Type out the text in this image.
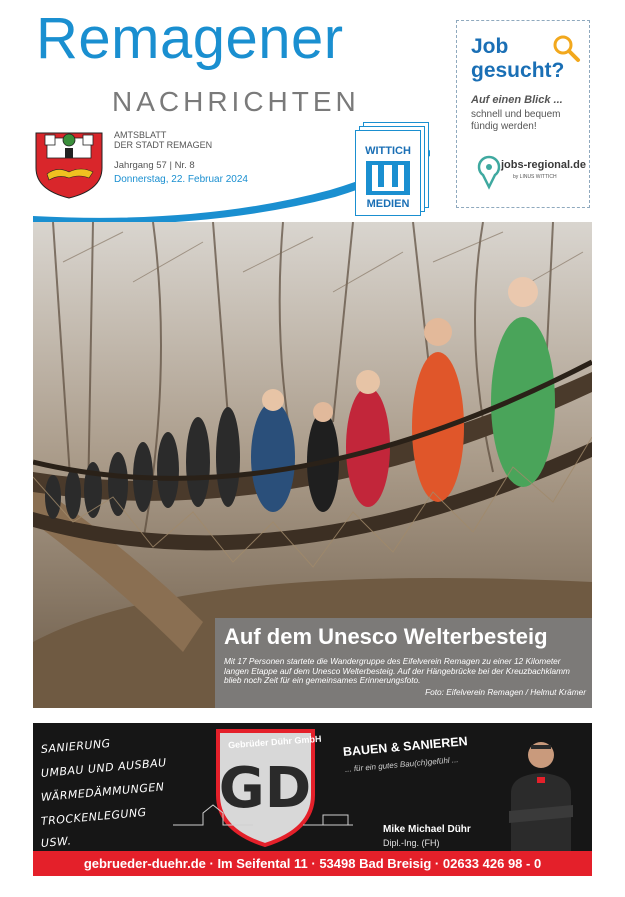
Remagener
NACHRICHTEN
AMTSBLATT
DER STADT REMAGEN
Jahrgang 57 | Nr. 8
Donnerstag, 22. Februar 2024
WITTICH
MEDIEN
Job
gesucht?
Auf einen Blick ...
schnell und bequem fündig werden!
jobs-regional.de
by LINUS WITTICH
Auf dem Unesco Welterbesteig
Mit 17 Personen startete die Wandergruppe des Eifelverein Remagen zu einer 12 Kilometer langen Etappe auf dem Unesco Welterbesteig. Auf der Hängebrücke bei der Kreuzbachklamm blieb noch Zeit für ein gemeinsames Erinnerungsfoto.
Foto: Eifelverein Remagen / Helmut Krämer
SANIERUNG
UMBAU UND AUSBAU
WÄRMEDÄMMUNGEN
TROCKENLEGUNG
USW.
GD
Gebrüder Dühr GmbH BAUEN & SANIEREN
... für ein gutes Bau(ch)gefühl ...
Mike Michael Dühr
Dipl.-Ing. (FH)
gebrueder-duehr.de · Im Seifental 11 · 53498 Bad Breisig · 02633 426 98 - 0
